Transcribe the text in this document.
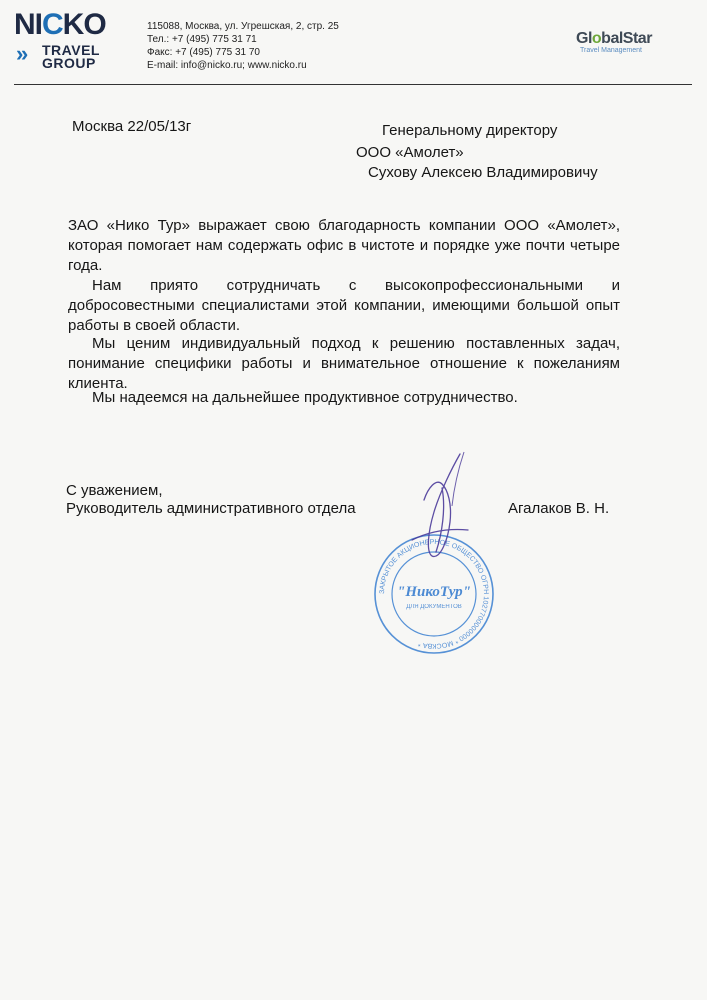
NICKO
» TRAVEL
GROUP
115088, Москва, ул. Угрешская, 2, стр. 25
Тел.: +7 (495) 775 31 71
Факс: +7 (495) 775 31 70
E-mail: info@nicko.ru; www.nicko.ru
GlobalStar
Travel Management
Москва 22/05/13г	Генеральному директору
ООО «Амолет»
Сухову Алексею Владимировичу
ЗАО «Нико Тур» выражает свою благодарность компании ООО «Амолет», которая помогает нам содержать офис в чистоте и порядке уже почти четыре года.
Нам приято сотрудничать с высокопрофессиональными и добросовестными специалистами этой компании, имеющими большой опыт работы в своей области.
Мы ценим индивидуальный подход к решению поставленных задач, понимание специфики работы и внимательное отношение к пожеланиям клиента.
Мы надеемся на дальнейшее продуктивное сотрудничество.
С уважением,
Руководитель административного отдела	Агалаков В. Н.
ЗАКРЫТОЕ АКЦИОНЕРНОЕ ОБЩЕСТВО ОГРН 1027700000000 * МОСКВА *
"НикоТур"
ДЛЯ ДОКУМЕНТОВ
